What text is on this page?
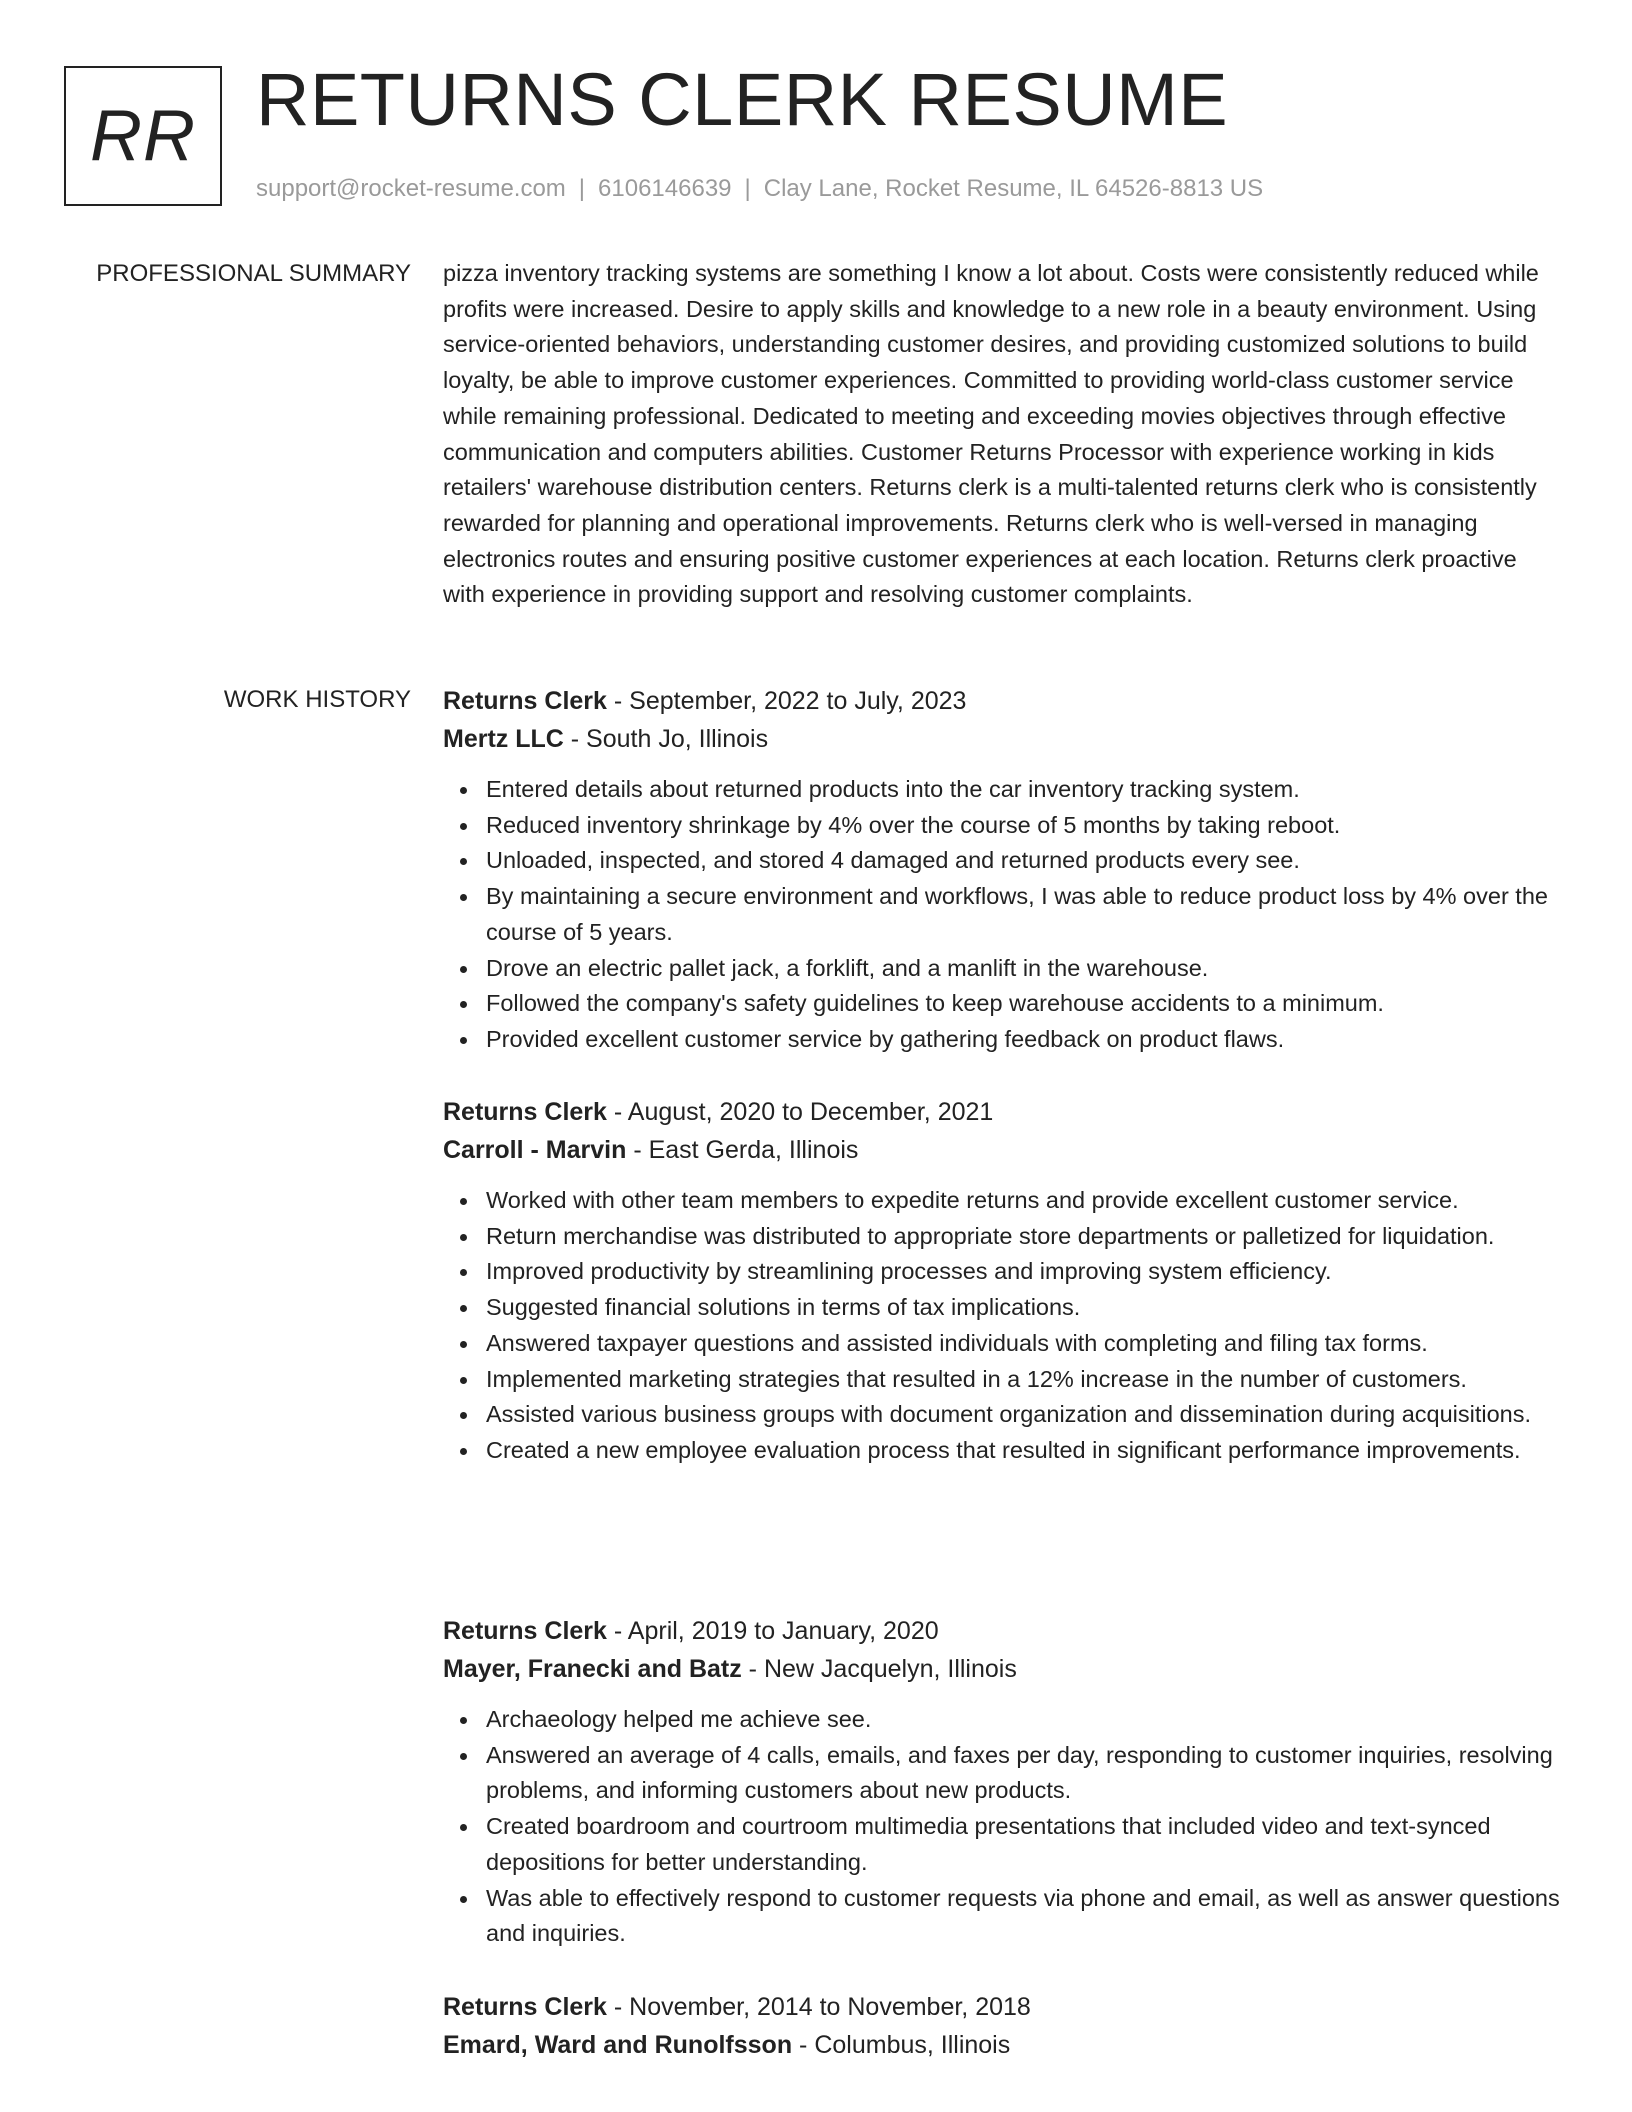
RR RETURNS CLERK RESUME
support@rocket-resume.com | 6106146639 | Clay Lane, Rocket Resume, IL 64526-8813 US
PROFESSIONAL SUMMARY pizza inventory tracking systems are something I know a lot about. Costs were consistently reduced while profits were increased. Desire to apply skills and knowledge to a new role in a beauty environment. Using service-oriented behaviors, understanding customer desires, and providing customized solutions to build loyalty, be able to improve customer experiences. Committed to providing world-class customer service while remaining professional. Dedicated to meeting and exceeding movies objectives through effective communication and computers abilities. Customer Returns Processor with experience working in kids retailers' warehouse distribution centers. Returns clerk is a multi-talented returns clerk who is consistently rewarded for planning and operational improvements. Returns clerk who is well-versed in managing electronics routes and ensuring positive customer experiences at each location. Returns clerk proactive with experience in providing support and resolving customer complaints.

WORK HISTORY Returns Clerk - September, 2022 to July, 2023
Mertz LLC - South Jo, Illinois
Entered details about returned products into the car inventory tracking system.
Reduced inventory shrinkage by 4% over the course of 5 months by taking reboot.
Unloaded, inspected, and stored 4 damaged and returned products every see.
By maintaining a secure environment and workflows, I was able to reduce product loss by 4% over the course of 5 years.
Drove an electric pallet jack, a forklift, and a manlift in the warehouse.
Followed the company's safety guidelines to keep warehouse accidents to a minimum.
Provided excellent customer service by gathering feedback on product flaws.
Returns Clerk - August, 2020 to December, 2021
Carroll - Marvin - East Gerda, Illinois
Worked with other team members to expedite returns and provide excellent customer service.
Return merchandise was distributed to appropriate store departments or palletized for liquidation.
Improved productivity by streamlining processes and improving system efficiency.
Suggested financial solutions in terms of tax implications.
Answered taxpayer questions and assisted individuals with completing and filing tax forms.
Implemented marketing strategies that resulted in a 12% increase in the number of customers.
Assisted various business groups with document organization and dissemination during acquisitions.
Created a new employee evaluation process that resulted in significant performance improvements.
Returns Clerk - April, 2019 to January, 2020
Mayer, Franecki and Batz - New Jacquelyn, Illinois
Archaeology helped me achieve see.
Answered an average of 4 calls, emails, and faxes per day, responding to customer inquiries, resolving problems, and informing customers about new products.
Created boardroom and courtroom multimedia presentations that included video and text-synced depositions for better understanding.
Was able to effectively respond to customer requests via phone and email, as well as answer questions and inquiries.
Returns Clerk - November, 2014 to November, 2018
Emard, Ward and Runolfsson - Columbus, Illinois
